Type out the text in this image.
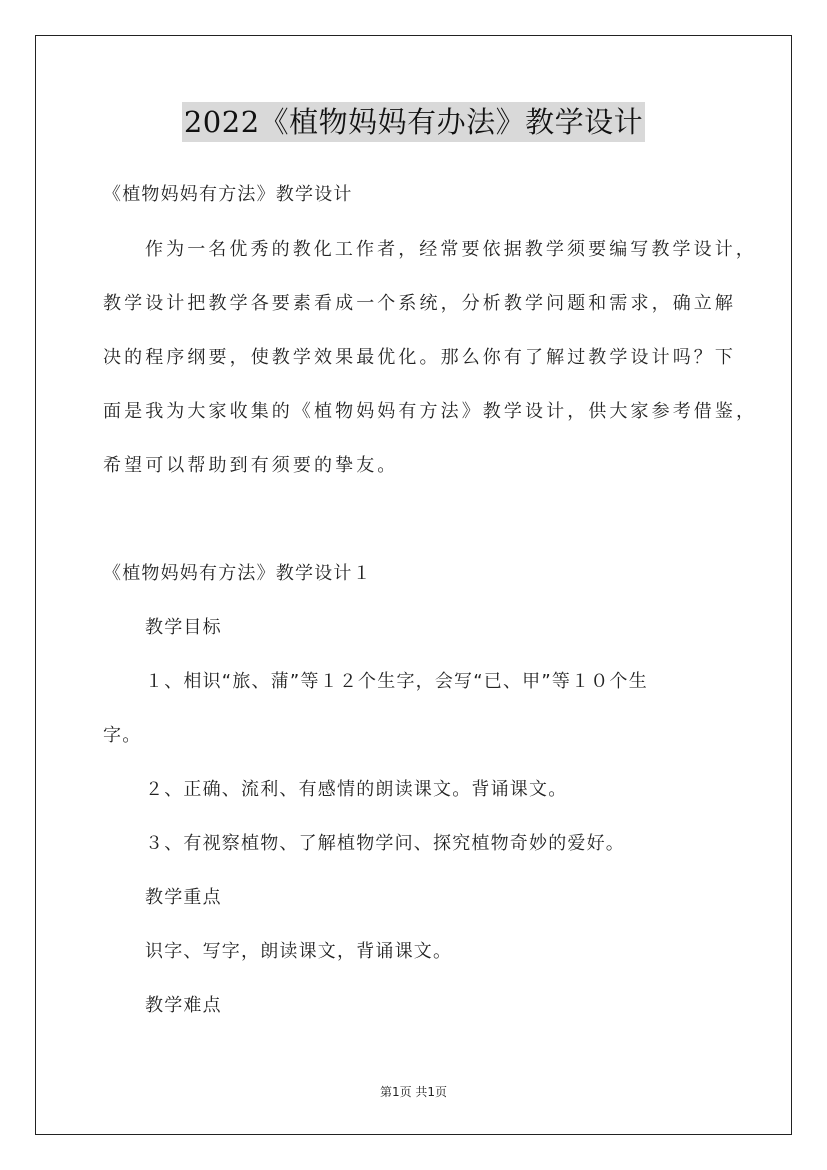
2022《植物妈妈有办法》教学设计
《植物妈妈有方法》教学设计
作为一名优秀的教化工作者，经常要依据教学须要编写教学设计，
教学设计把教学各要素看成一个系统，分析教学问题和需求，确立解
决的程序纲要，使教学效果最优化。那么你有了解过教学设计吗？下
面是我为大家收集的《植物妈妈有方法》教学设计，供大家参考借鉴，
希望可以帮助到有须要的挚友。
《植物妈妈有方法》教学设计１
教学目标
１、相识“旅、蒲”等１２个生字，会写“已、甲”等１０个生
字。
２、正确、流利、有感情的朗读课文。背诵课文。
３、有视察植物、了解植物学问、探究植物奇妙的爱好。
教学重点
识字、写字，朗读课文，背诵课文。
教学难点
第1页 共1页
